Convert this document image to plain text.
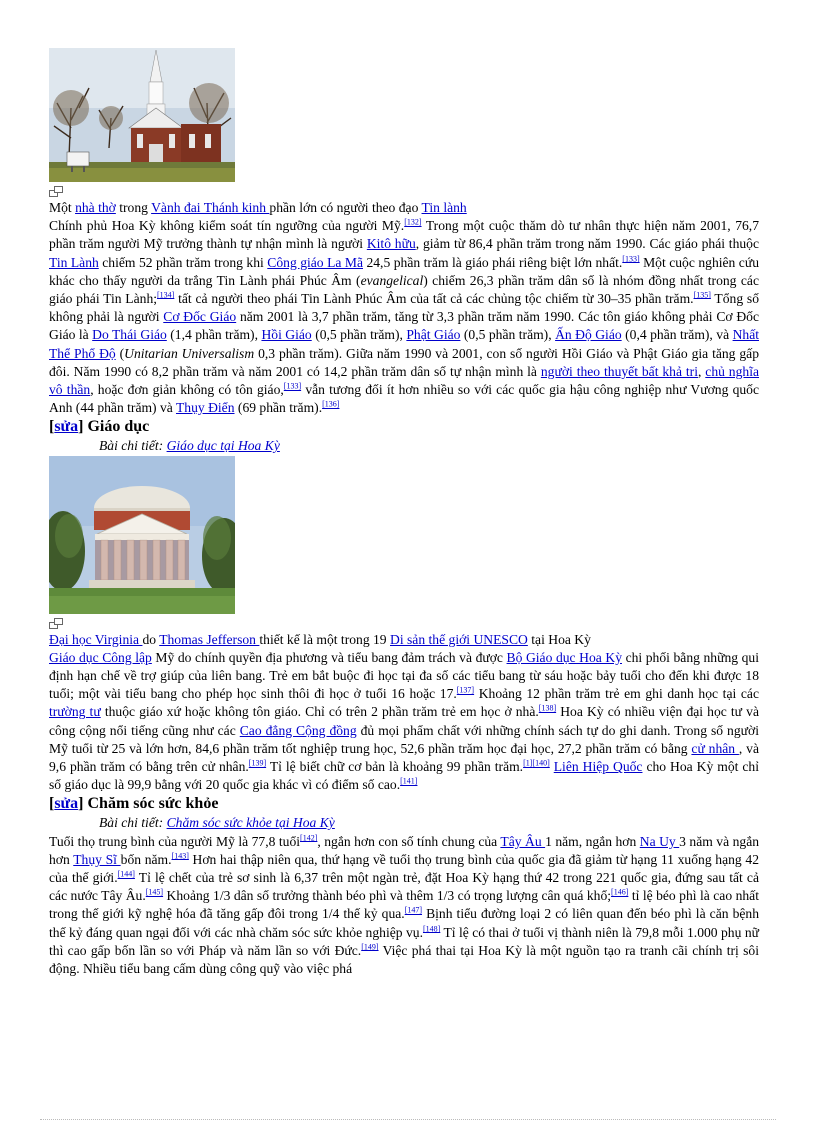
Một nhà thờ trong Vành đai Thánh kinh phần lớn có người theo đạo Tin lành

Chính phủ Hoa Kỳ không kiểm soát tín ngưỡng của người Mỹ.[132] Trong một cuộc thăm dò tư nhân thực hiện năm 2001, 76,7 phần trăm người Mỹ trưởng thành tự nhận mình là người Kitô hữu, giảm từ 86,4 phần trăm trong năm 1990. Các giáo phái thuộc Tin Lành chiếm 52 phần trăm trong khi Công giáo La Mã 24,5 phần trăm là giáo phái riêng biệt lớn nhất.[133] Một cuộc nghiên cứu khác cho thấy người da trắng Tin Lành phái Phúc Âm (evangelical) chiếm 26,3 phần trăm dân số là nhóm đồng nhất trong các giáo phái Tin Lành;[134] tất cả người theo phái Tin Lành Phúc Âm của tất cả các chủng tộc chiếm từ 30–35 phần trăm.[135] Tổng số không phải là người Cơ Đốc Giáo năm 2001 là 3,7 phần trăm, tăng từ 3,3 phần trăm năm 1990. Các tôn giáo không phải Cơ Đốc Giáo là Do Thái Giáo (1,4 phần trăm), Hồi Giáo (0,5 phần trăm), Phật Giáo (0,5 phần trăm), Ấn Độ Giáo (0,4 phần trăm), và Nhất Thể Phổ Độ (Unitarian Universalism 0,3 phần trăm). Giữa năm 1990 và 2001, con số người Hồi Giáo và Phật Giáo gia tăng gấp đôi. Năm 1990 có 8,2 phần trăm và năm 2001 có 14,2 phần trăm dân số tự nhận mình là người theo thuyết bất khả tri, chủ nghĩa vô thần, hoặc đơn giản không có tôn giáo,[133] vẫn tương đối ít hơn nhiều so với các quốc gia hậu công nghiệp như Vương quốc Anh (44 phần trăm) và Thụy Điển (69 phần trăm).[136]

[sửa] Giáo dục
Bài chi tiết: Giáo dục tại Hoa Kỳ

Đại học Virginia do Thomas Jefferson thiết kế là một trong 19 Di sản thế giới UNESCO tại Hoa Kỳ

Giáo dục Công lập Mỹ do chính quyền địa phương và tiểu bang đảm trách và được Bộ Giáo dục Hoa Kỳ chi phối bằng những qui định hạn chế về trợ giúp của liên bang. Trẻ em bắt buộc đi học tại đa số các tiểu bang từ sáu hoặc bảy tuổi cho đến khi được 18 tuổi; một vài tiểu bang cho phép học sinh thôi đi học ở tuổi 16 hoặc 17.[137] Khoảng 12 phần trăm trẻ em ghi danh học tại các trường tư thuộc giáo xứ hoặc không tôn giáo. Chỉ có trên 2 phần trăm trẻ em học ở nhà.[138] Hoa Kỳ có nhiều viện đại học tư và công cộng nổi tiếng cũng như các Cao đẳng Cộng đồng đủ mọi phẩm chất với những chính sách tự do ghi danh. Trong số người Mỹ tuổi từ 25 và lớn hơn, 84,6 phần trăm tốt nghiệp trung học, 52,6 phần trăm học đại học, 27,2 phần trăm có bằng cử nhân , và 9,6 phần trăm có bằng trên cử nhân.[139] Tỉ lệ biết chữ cơ bản là khoảng 99 phần trăm.[1][140] Liên Hiệp Quốc cho Hoa Kỳ một chỉ số giáo dục là 99,9 bằng với 20 quốc gia khác vì có điểm số cao.[141]

[sửa] Chăm sóc sức khỏe
Bài chi tiết: Chăm sóc sức khỏe tại Hoa Kỳ

Tuổi thọ trung bình của người Mỹ là 77,8 tuổi[142], ngắn hơn con số tính chung của Tây Âu 1 năm, ngắn hơn Na Uy 3 năm và ngắn hơn Thụy Sĩ bốn năm.[143] Hơn hai thập niên qua, thứ hạng về tuổi thọ trung bình của quốc gia đã giảm từ hạng 11 xuống hạng 42 của thế giới.[144] Tỉ lệ chết của trẻ sơ sinh là 6,37 trên một ngàn trẻ, đặt Hoa Kỳ hạng thứ 42 trong 221 quốc gia, đứng sau tất cả các nước Tây Âu.[145] Khoảng 1/3 dân số trưởng thành béo phì và thêm 1/3 có trọng lượng cân quá khổ;[146] tỉ lệ béo phì là cao nhất trong thế giới kỹ nghệ hóa đã tăng gấp đôi trong 1/4 thế kỷ qua.[147] Bịnh tiểu đường loại 2 có liên quan đến béo phì là căn bệnh thế kỷ đáng quan ngại đối với các nhà chăm sóc sức khỏe nghiệp vụ.[148] Tỉ lệ có thai ở tuổi vị thành niên là 79,8 mỗi 1.000 phụ nữ thì cao gấp bốn lần so với Pháp và năm lần so với Đức.[149] Việc phá thai tại Hoa Kỳ là một nguồn tạo ra tranh cãi chính trị sôi động. Nhiều tiểu bang cấm dùng công quỹ vào việc phá
